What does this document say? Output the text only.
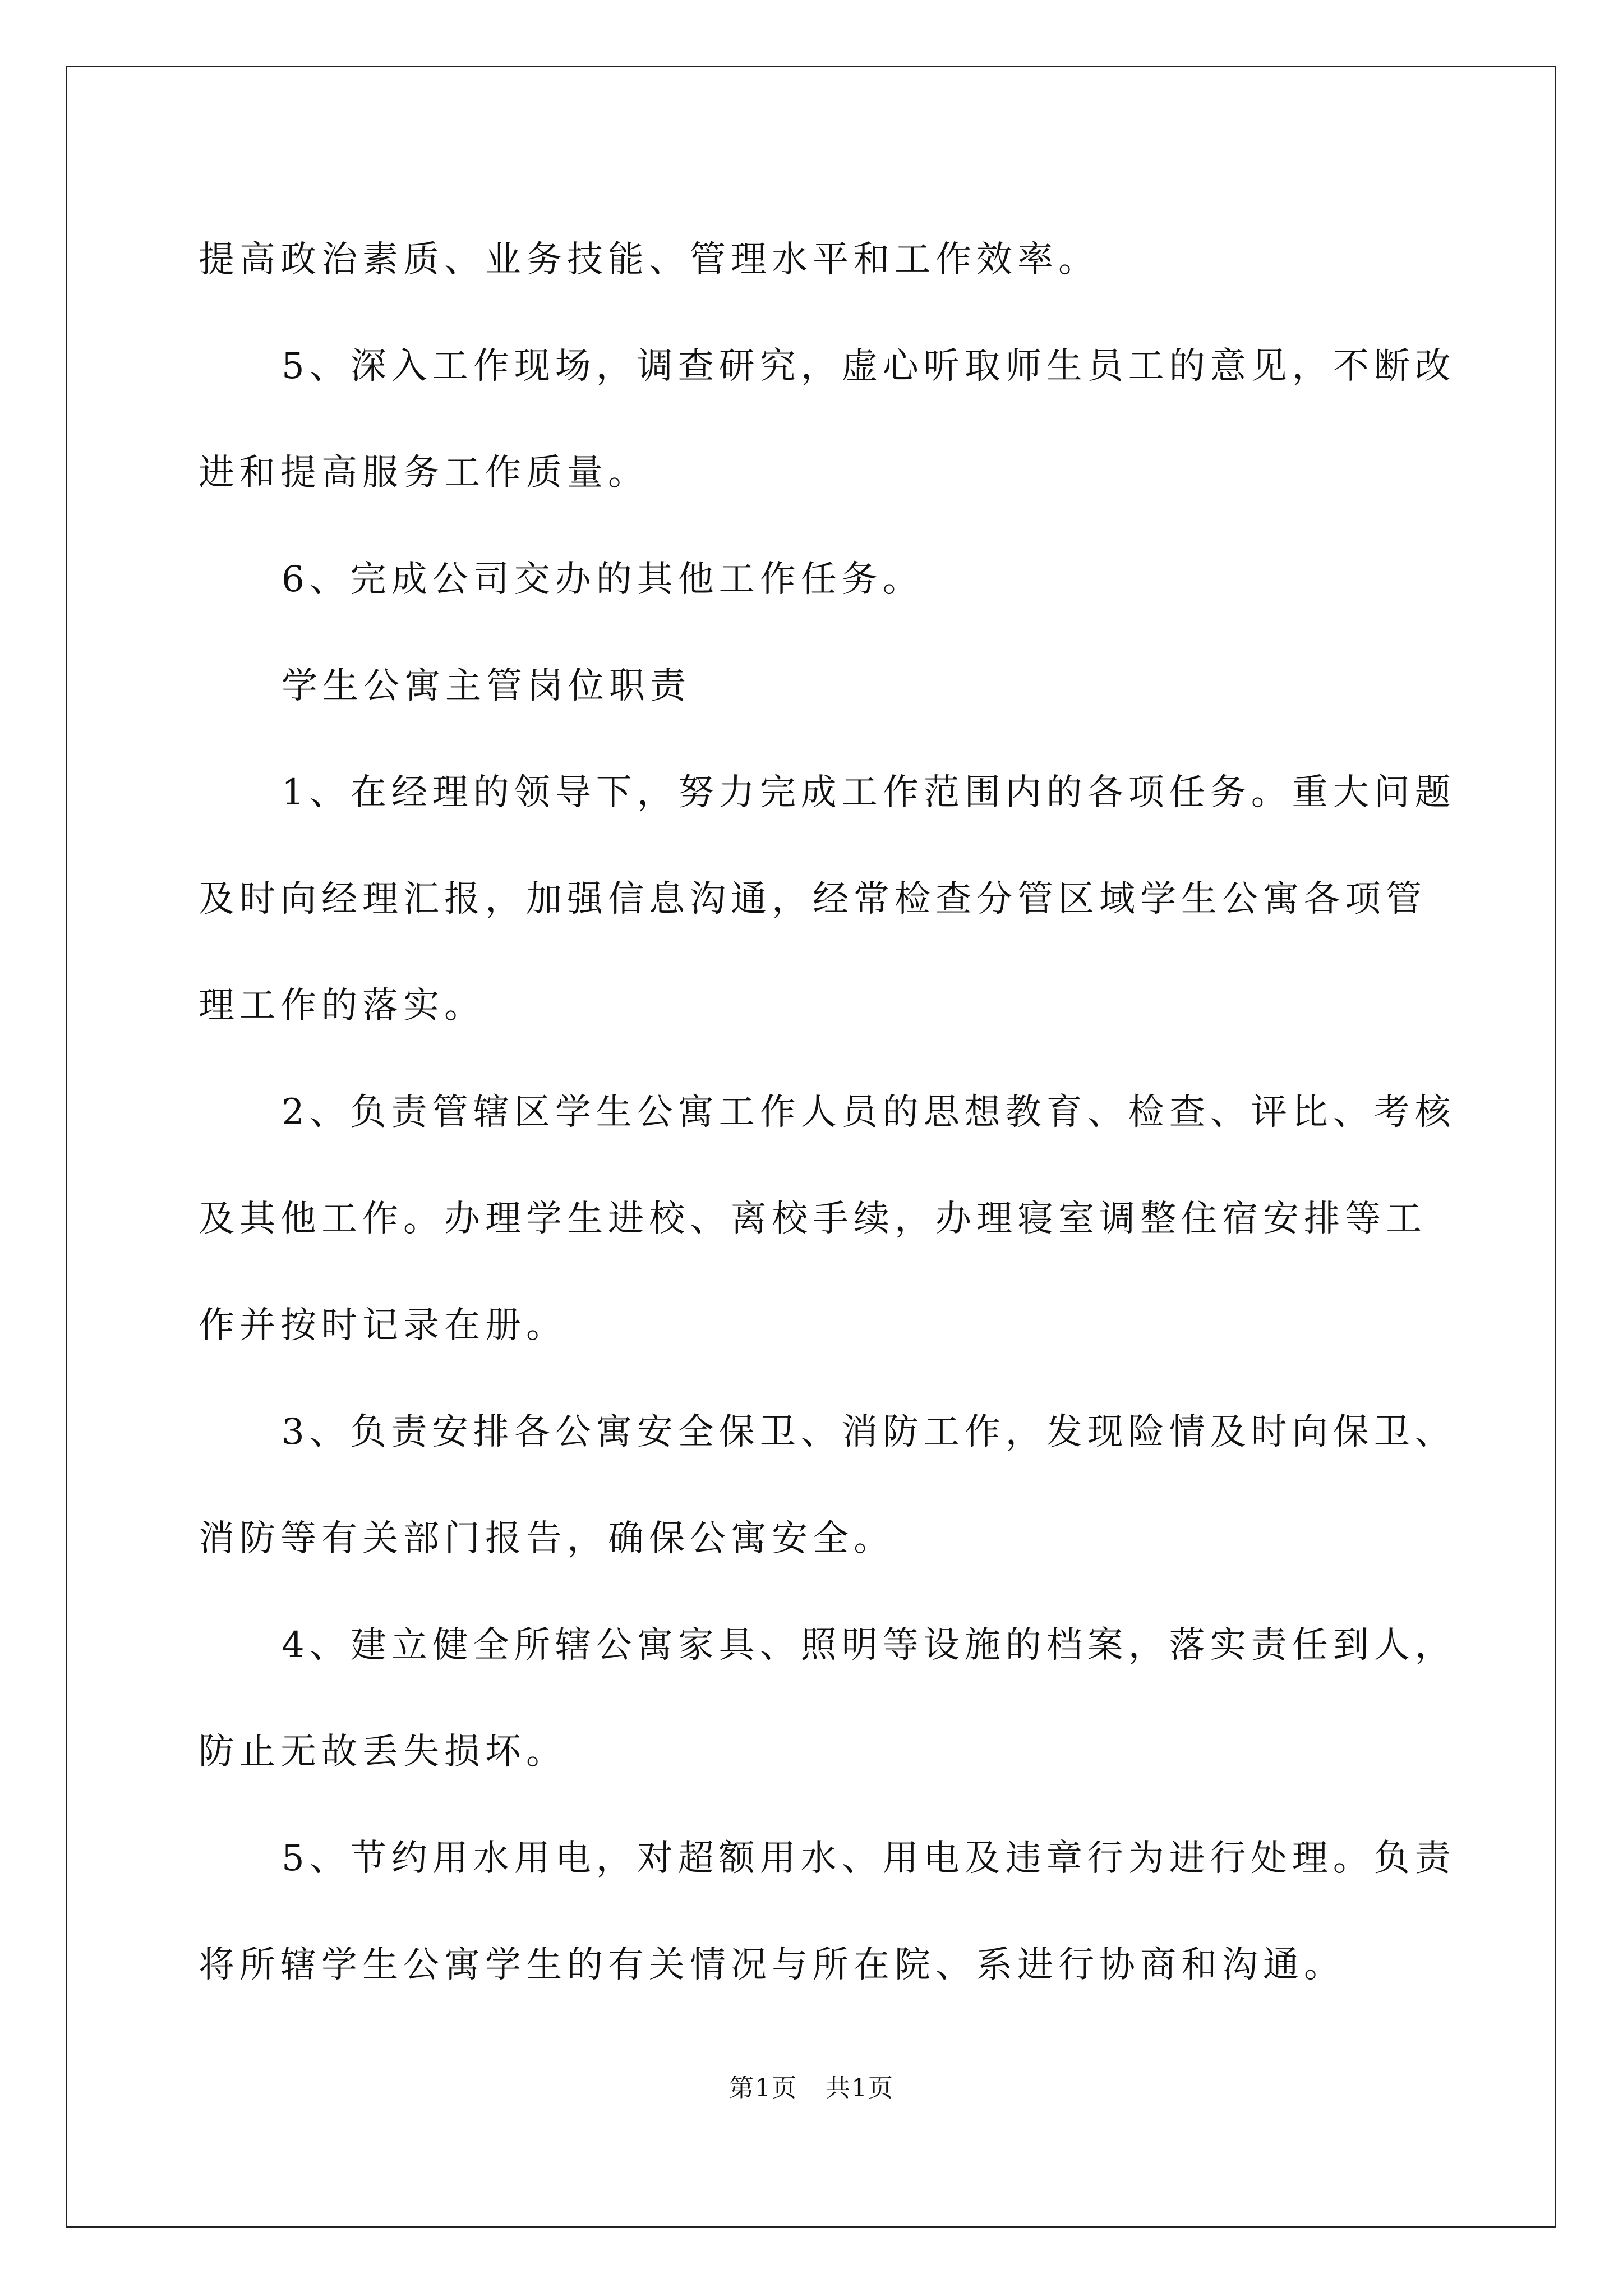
提高政治素质、业务技能、管理水平和工作效率。

5、深入工作现场，调查研究，虚心听取师生员工的意见，不断改
进和提高服务工作质量。

6、完成公司交办的其他工作任务。

学生公寓主管岗位职责

1、在经理的领导下，努力完成工作范围内的各项任务。重大问题
及时向经理汇报，加强信息沟通，经常检查分管区域学生公寓各项管
理工作的落实。

2、负责管辖区学生公寓工作人员的思想教育、检查、评比、考核
及其他工作。办理学生进校、离校手续，办理寝室调整住宿安排等工
作并按时记录在册。

3、负责安排各公寓安全保卫、消防工作，发现险情及时向保卫、
消防等有关部门报告，确保公寓安全。

4、建立健全所辖公寓家具、照明等设施的档案，落实责任到人，
防止无故丢失损坏。

5、节约用水用电，对超额用水、用电及违章行为进行处理。负责
将所辖学生公寓学生的有关情况与所在院、系进行协商和沟通。

第1页 共1页
